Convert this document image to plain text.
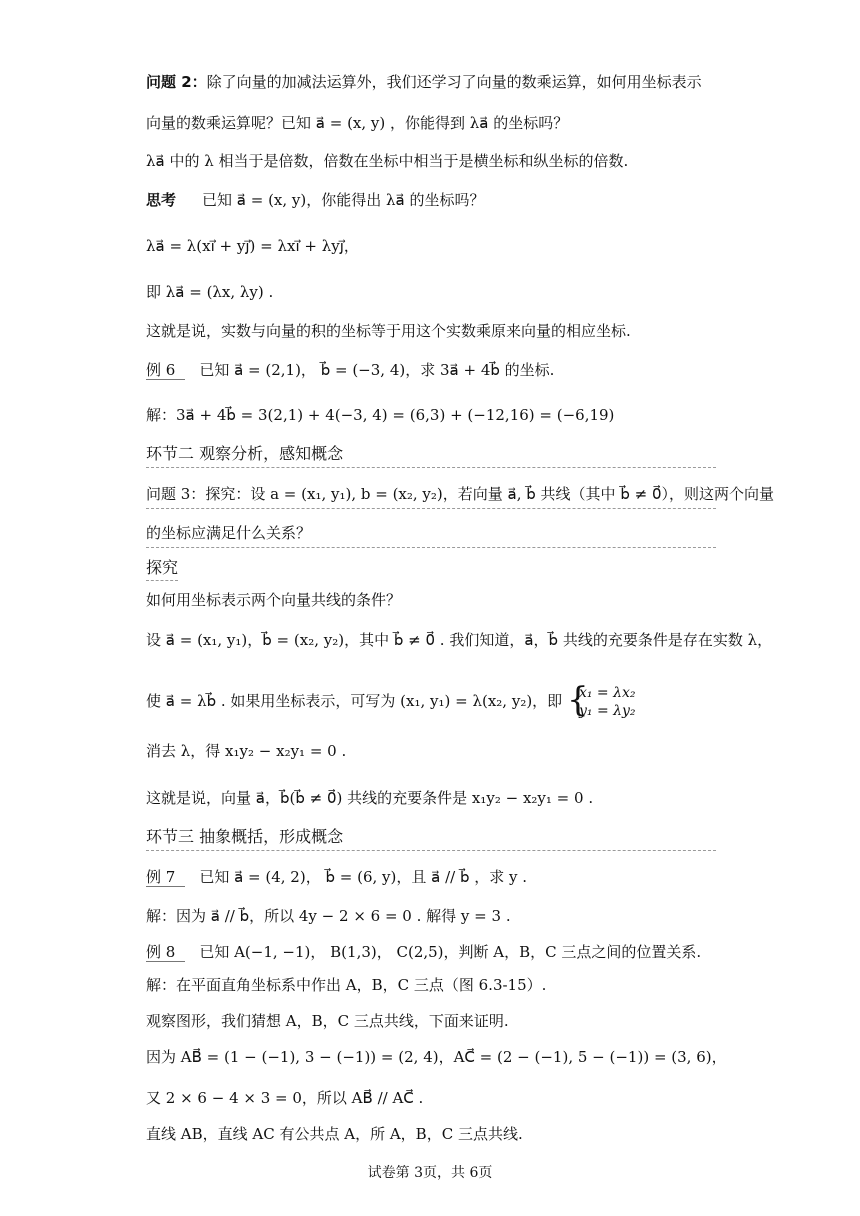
问题 2：除了向量的加减法运算外，我们还学习了向量的数乘运算，如何用坐标表示
向量的数乘运算呢？已知 a⃗ = (x, y) ，你能得到 λa⃗ 的坐标吗？
λa⃗ 中的 λ 相当于是倍数，倍数在坐标中相当于是横坐标和纵坐标的倍数.
思考 已知 a⃗ = (x, y)，你能得出 λa⃗ 的坐标吗？
λa⃗ = λ(xi⃗ + yj⃗) = λxi⃗ + λyj⃗，
即 λa⃗ = (λx, λy) .
这就是说，实数与向量的积的坐标等于用这个实数乘原来向量的相应坐标.
例 6 已知 a⃗ = (2,1)， b⃗ = (−3, 4)，求 3a⃗ + 4b⃗ 的坐标.
解：3a⃗ + 4b⃗ = 3(2,1) + 4(−3, 4) = (6,3) + (−12,16) = (−6,19)
环节二 观察分析，感知概念
问题 3：探究：设 a = (x₁, y₁), b = (x₂, y₂)，若向量 a⃗, b⃗ 共线（其中 b⃗ ≠ 0⃗），则这两个向量
的坐标应满足什么关系？
探究
如何用坐标表示两个向量共线的条件？
设 a⃗ = (x₁, y₁)，b⃗ = (x₂, y₂)，其中 b⃗ ≠ 0⃗ . 我们知道，a⃗，b⃗ 共线的充要条件是存在实数 λ，
使 a⃗ = λb⃗ . 如果用坐标表示，可写为 (x₁, y₁) = λ(x₂, y₂)，即
{ x₁ = λx₂
y₁ = λy₂
消去 λ，得 x₁y₂ − x₂y₁ = 0 .
这就是说，向量 a⃗，b⃗(b⃗ ≠ 0⃗) 共线的充要条件是 x₁y₂ − x₂y₁ = 0 .
环节三 抽象概括，形成概念
例 7 已知 a⃗ = (4, 2)， b⃗ = (6, y)，且 a⃗ // b⃗ ，求 y .
解：因为 a⃗ // b⃗，所以 4y − 2 × 6 = 0 . 解得 y = 3 .
例 8 已知 A(−1, −1)， B(1,3)， C(2,5)，判断 A，B，C 三点之间的位置关系.
解：在平面直角坐标系中作出 A，B，C 三点（图 6.3-15）.
观察图形，我们猜想 A，B，C 三点共线，下面来证明.
因为 AB⃗ = (1 − (−1), 3 − (−1)) = (2, 4)，AC⃗ = (2 − (−1), 5 − (−1)) = (3, 6)，
又 2 × 6 − 4 × 3 = 0，所以 AB⃗ // AC⃗ .
直线 AB，直线 AC 有公共点 A，所 A，B，C 三点共线.
试卷第 3页，共 6页
